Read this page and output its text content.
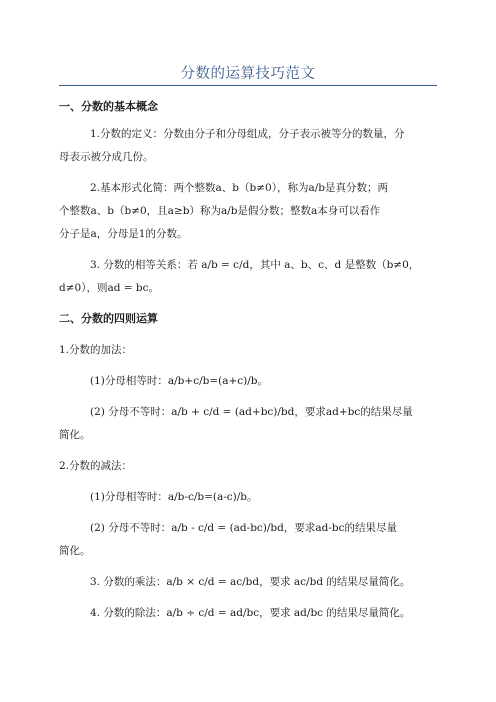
分数的运算技巧范文
一、分数的基本概念
1.分数的定义：分数由分子和分母组成，分子表示被等分的数量，分
母表示被分成几份。
2.基本形式化简：两个整数a、b（b≠0），称为a/b是真分数；两
个整数a、b（b≠0，且a≥b）称为a/b是假分数；整数a本身可以看作
分子是a，分母是1的分数。
3. 分数的相等关系：若 a/b = c/d，其中 a、b、c、d 是整数（b≠0，
d≠0），则ad = bc。
二、分数的四则运算
1.分数的加法：
(1)分母相等时：a/b+c/b=(a+c)/b。
(2) 分母不等时：a/b + c/d = (ad+bc)/bd，要求ad+bc的结果尽量
简化。
2.分数的减法：
(1)分母相等时：a/b-c/b=(a-c)/b。
(2) 分母不等时：a/b - c/d = (ad-bc)/bd，要求ad-bc的结果尽量
简化。
3. 分数的乘法：a/b × c/d = ac/bd，要求 ac/bd 的结果尽量简化。
4. 分数的除法：a/b ÷ c/d = ad/bc，要求 ad/bc 的结果尽量简化。
